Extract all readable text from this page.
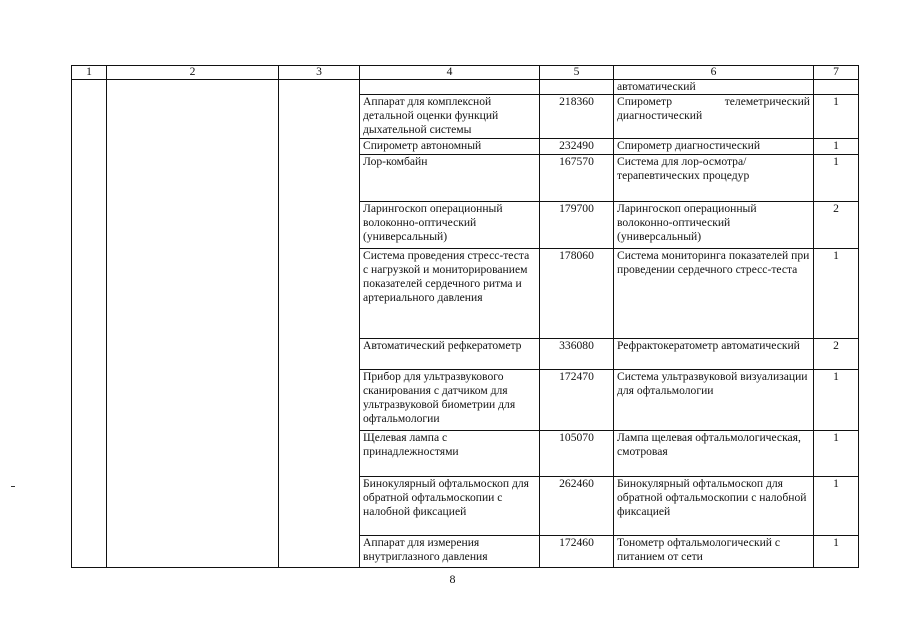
1	2	3	4	5	6	7
					автоматический	
			Аппарат для комплексной детальной оценки функций дыхательной системы	218360	Спирометр телеметрический диагностический	1
			Спирометр автономный	232490	Спирометр диагностический	1
			Лор-комбайн	167570	Система для лор-осмотра/терапевтических процедур	1
			Ларингоскоп операционный волоконно-оптический (универсальный)	179700	Ларингоскоп операционный волоконно-оптический (универсальный)	2
			Система проведения стресс-теста с нагрузкой и мониторированием показателей сердечного ритма и артериального давления	178060	Система мониторинга показателей при проведении сердечного стресс-теста	1
			Автоматический рефкератометр	336080	Рефрактокератометр автоматический	2
			Прибор для ультразвукового сканирования с датчиком для ультразвуковой биометрии для офтальмологии	172470	Система ультразвуковой визуализации для офтальмологии	1
			Щелевая лампа с принадлежностями	105070	Лампа щелевая офтальмологическая, смотровая	1
			Бинокулярный офтальмоскоп для обратной офтальмоскопии с налобной фиксацией	262460	Бинокулярный офтальмоскоп для обратной офтальмоскопии с налобной фиксацией	1
			Аппарат для измерения внутриглазного давления	172460	Тонометр офтальмологический с питанием от сети	1
8
